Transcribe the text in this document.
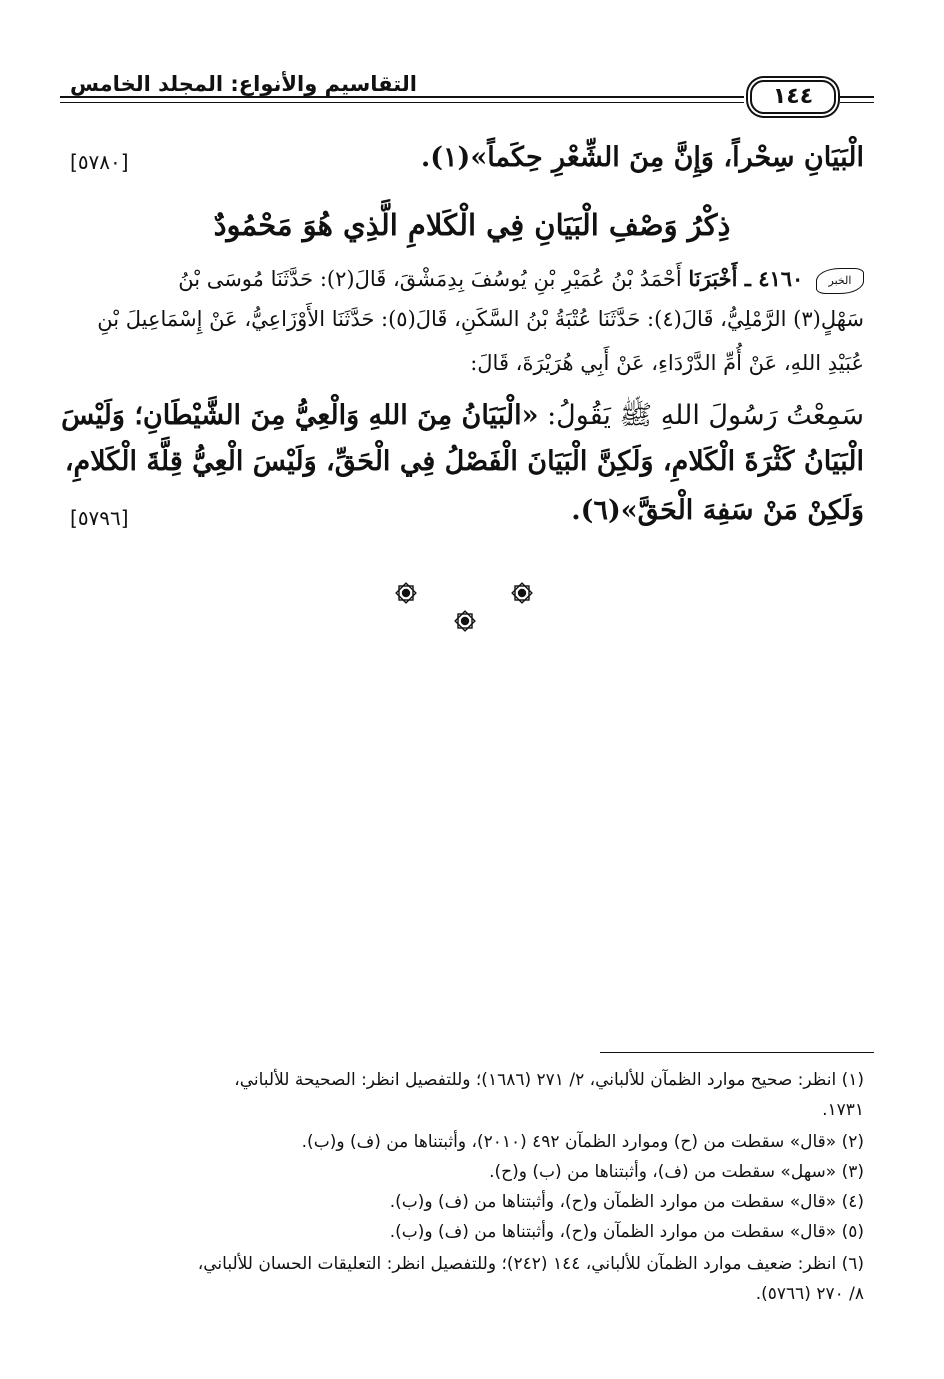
التقاسيم والأنواع: المجلد الخامس	١٤٤
الْبَيَانِ سِحْراً، وَإِنَّ مِنَ الشِّعْرِ حِكَماً»(١).
[٥٧٨٠]
ذِكْرُ وَصْفِ الْبَيَانِ فِي الْكَلامِ الَّذِي هُوَ مَحْمُودٌ
الخبر ٤١٦٠ ـ أَخْبَرَنَا أَحْمَدُ بْنُ عُمَيْرِ بْنِ يُوسُفَ بِدِمَشْقَ، قَالَ(٢): حَدَّثَنَا مُوسَى بْنُ
سَهْلٍ(٣) الرَّمْلِيُّ، قَالَ(٤): حَدَّثَنَا عُتْبَةُ بْنُ السَّكَنِ، قَالَ(٥): حَدَّثَنَا الأَوْزَاعِيُّ، عَنْ إِسْمَاعِيلَ بْنِ
عُبَيْدِ اللهِ، عَنْ أُمِّ الدَّرْدَاءِ، عَنْ أَبِي هُرَيْرَةَ، قَالَ:
سَمِعْتُ رَسُولَ اللهِ ﷺ يَقُولُ: «الْبَيَانُ مِنَ اللهِ وَالْعِيُّ مِنَ الشَّيْطَانِ؛ وَلَيْسَ
الْبَيَانُ كَثْرَةَ الْكَلامِ، وَلَكِنَّ الْبَيَانَ الْفَصْلُ فِي الْحَقِّ، وَلَيْسَ الْعِيُّ قِلَّةَ الْكَلامِ،
وَلَكِنْ مَنْ سَفِهَ الْحَقَّ»(٦).
[٥٧٩٦]
(١) انظر: صحيح موارد الظمآن للألباني، ٢/ ٢٧١ (١٦٨٦)؛ وللتفصيل انظر: الصحيحة للألباني،
١٧٣١.
(٢) «قال» سقطت من (ح) وموارد الظمآن ٤٩٢ (٢٠١٠)، وأثبتناها من (ف) و(ب).
(٣) «سهل» سقطت من (ف)، وأثبتناها من (ب) و(ح).
(٤) «قال» سقطت من موارد الظمآن و(ح)، وأثبتناها من (ف) و(ب).
(٥) «قال» سقطت من موارد الظمآن و(ح)، وأثبتناها من (ف) و(ب).
(٦) انظر: ضعيف موارد الظمآن للألباني، ١٤٤ (٢٤٢)؛ وللتفصيل انظر: التعليقات الحسان للألباني،
٨/ ٢٧٠ (٥٧٦٦).
